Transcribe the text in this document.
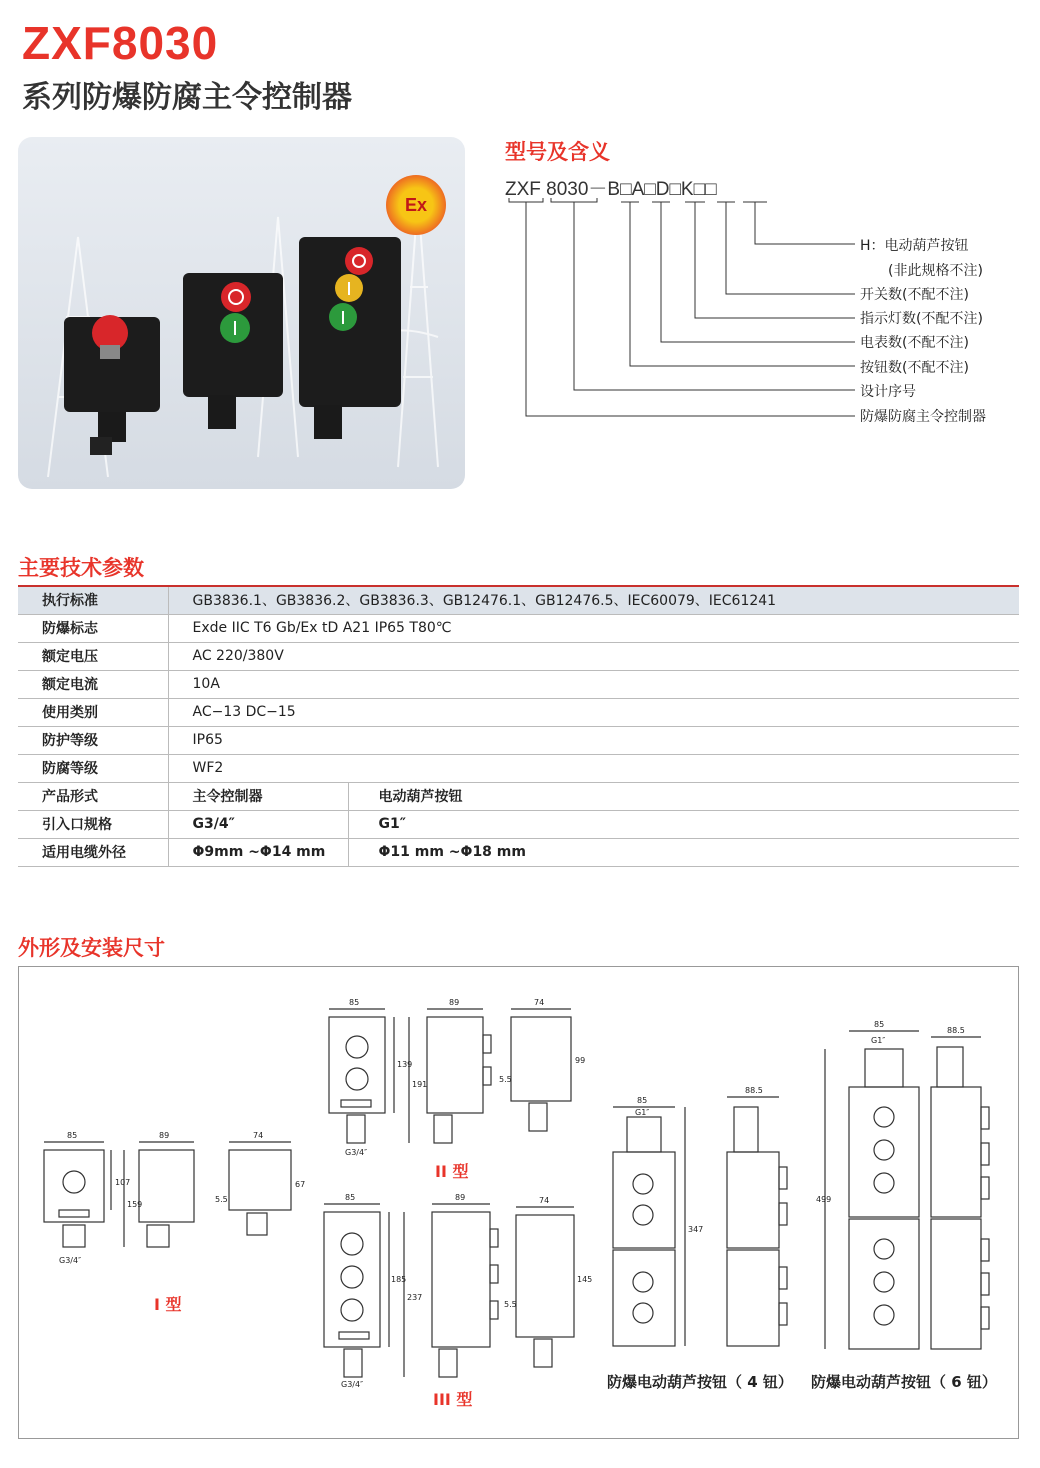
ZXF8030
系列防爆防腐主令控制器
Ex
型号及含义
ZXF 8030－B□A□D□K□□
H：电动葫芦按钮
(非此规格不注)
开关数(不配不注)
指示灯数(不配不注)
电表数(不配不注)
按钮数(不配不注)
设计序号
防爆防腐主令控制器
主要技术参数
执行标准	GB3836.1、GB3836.2、GB3836.3、GB12476.1、GB12476.5、IEC60079、IEC61241	
防爆标志	Exde IIC T6 Gb/Ex tD A21 IP65 T80℃	
额定电压	AC 220/380V	
额定电流	10A	
使用类别	AC−13 DC−15	
防护等级	IP65	
防腐等级	WF2	
产品形式	主令控制器	电动葫芦按钮
引入口规格	G3/4″	G1″
适用电缆外径	Φ9mm ~Φ14 mm	Φ11 mm ~Φ18 mm
外形及安装尺寸
85	89	74
107
159
5.5
67
G3/4″
85	89	74
139
191
5.5
99
G3/4″
85	89	74
185
237
5.5
145
G3/4″
85
G1″
88.5
347
85
G1″
88.5
499
I 型
II 型
III 型
防爆电动葫芦按钮（ 4 钮） 防爆电动葫芦按钮（ 6 钮）
